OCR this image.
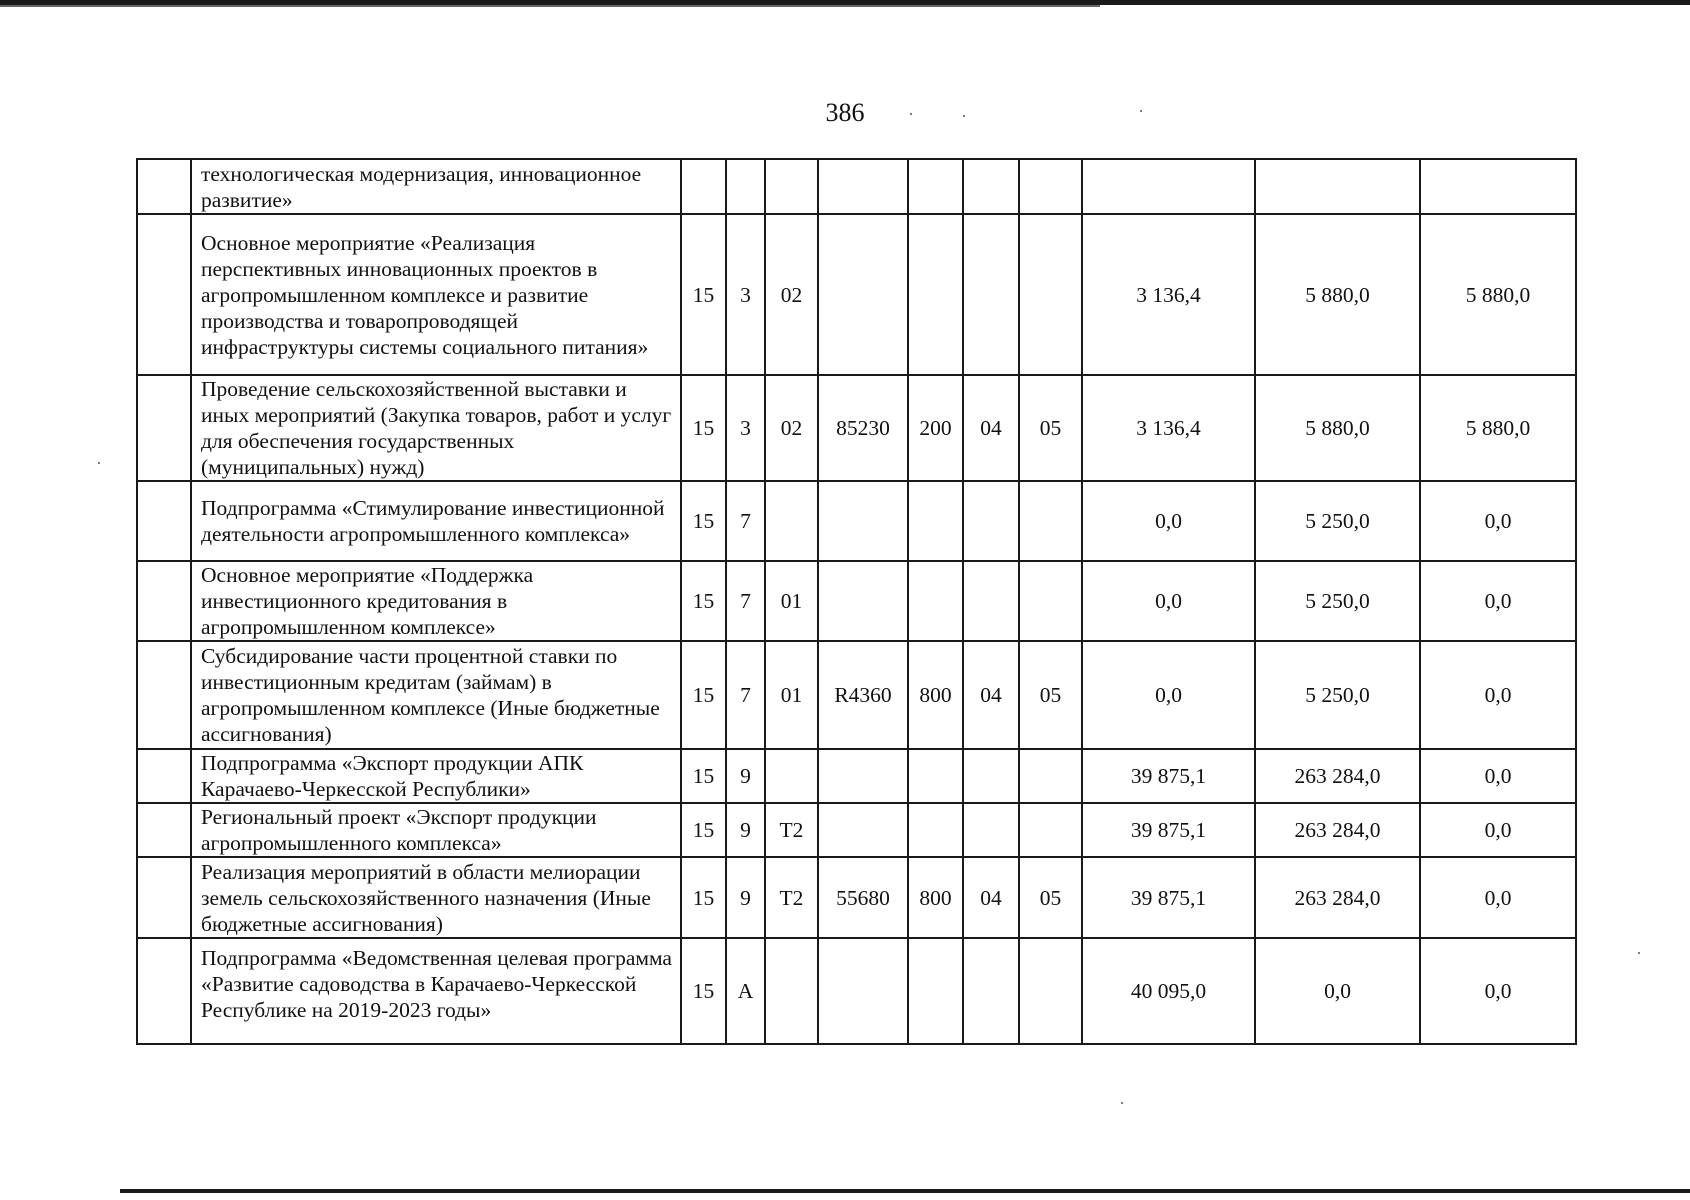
386
	технологическая модернизация, инновационное развитие»										
	Основное мероприятие «Реализация перспективных инновационных проектов в агропромышленном комплексе и развитие производства и товаропроводящей инфраструктуры системы социального питания»	15	3	02					3 136,4	5 880,0	5 880,0
	Проведение сельскохозяйственной выставки и иных мероприятий (Закупка товаров, работ и услуг для обеспечения государственных (муниципальных) нужд)	15	3	02	85230	200	04	05	3 136,4	5 880,0	5 880,0
	Подпрограмма «Стимулирование инвестиционной деятельности агропромышленного комплекса»	15	7						0,0	5 250,0	0,0
	Основное мероприятие «Поддержка инвестиционного кредитования в агропромышленном комплексе»	15	7	01					0,0	5 250,0	0,0
	Субсидирование части процентной ставки по инвестиционным кредитам (займам) в агропромышленном комплексе (Иные бюджетные ассигнования)	15	7	01	R4360	800	04	05	0,0	5 250,0	0,0
	Подпрограмма «Экспорт продукции АПК Карачаево-Черкесской Республики»	15	9						39 875,1	263 284,0	0,0
	Региональный проект «Экспорт продукции агропромышленного комплекса»	15	9	T2					39 875,1	263 284,0	0,0
	Реализация мероприятий в области мелиорации земель сельскохозяйственного назначения (Иные бюджетные ассигнования)	15	9	T2	55680	800	04	05	39 875,1	263 284,0	0,0
	Подпрограмма «Ведомственная целевая программа «Развитие садоводства в Карачаево-Черкесской Республике на 2019-2023 годы»	15	A						40 095,0	0,0	0,0
